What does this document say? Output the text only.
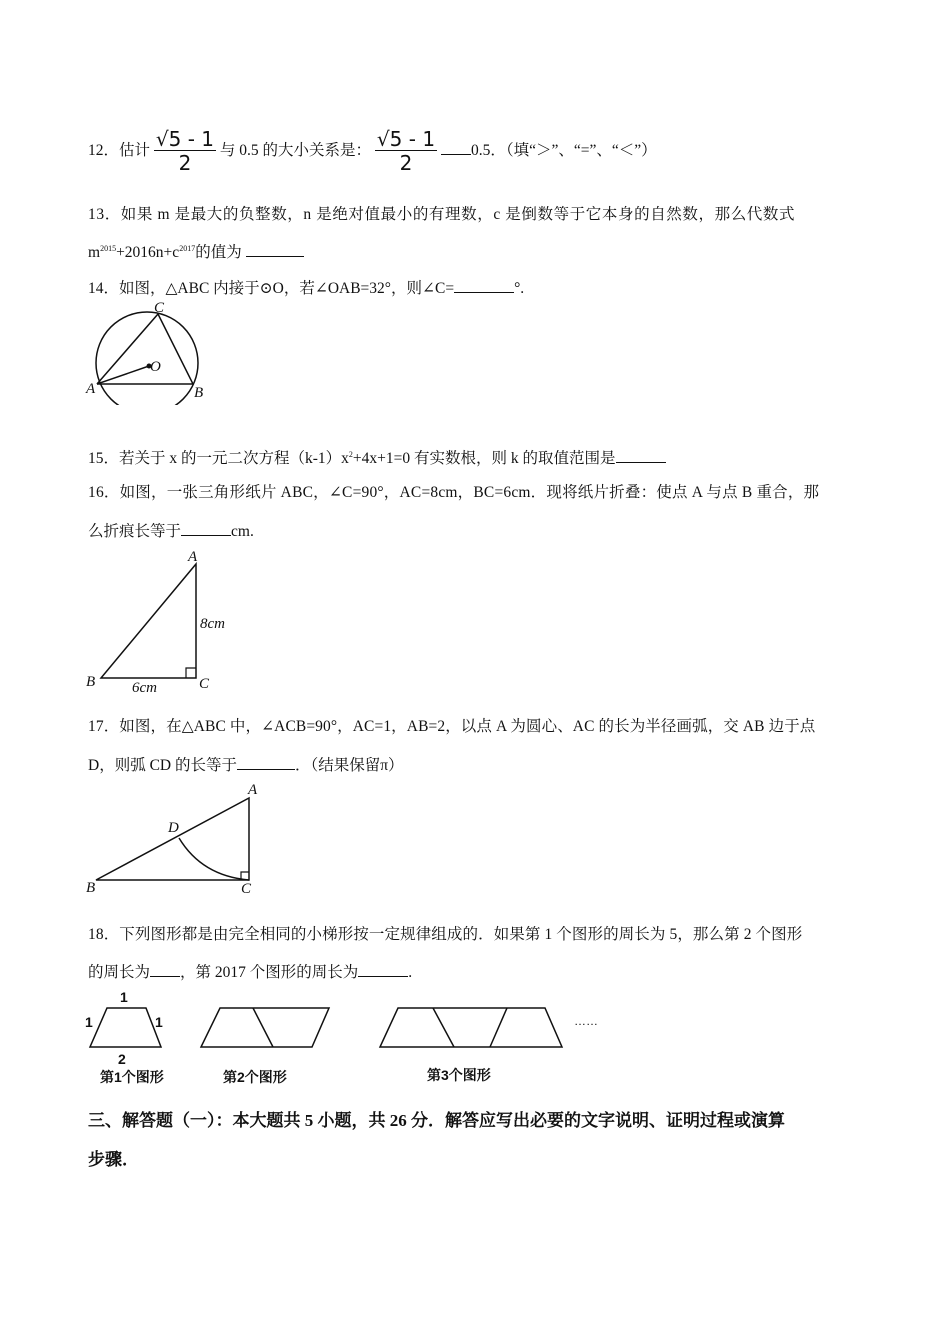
12．估计 $\frac{√5 - 1}{2}$ 与 0.5 的大小关系是： $\frac{√5 - 1}{2} 0.5$．（填“＞”、“=”、“＜”）
13．如果 m 是最大的负整数，n 是绝对值最小的有理数，c 是倒数等于它本身的自然数，那么代数式
$m^{2015}+2016n+c^{2017}$的值为
14．如图，△ABC 内接于⊙O，若∠OAB=32°，则∠C=	°.
C
O
A	B
15．若关于 x 的一元二次方程$(k-1)x^2+4x+1=0$ 有实数根，则 k 的取值范围是
16．如图，一张三角形纸片 ABC，∠C=90°，AC=8cm，BC=6cm．现将纸片折叠：使点 A 与点 B 重合，那
么折痕长等于	cm.
A
8cm
B	C
6cm
17．如图，在△ABC 中，∠ACB=90°，AC=1，AB=2，以点 A 为圆心、AC 的长为半径画弧，交 AB 边于点
D，则弧 CD 的长等于	．（结果保留π）
A
D
B	C
18．下列图形都是由完全相同的小梯形按一定规律组成的．如果第 1 个图形的周长为 5，那么第 2 个图形
的周长为 ，第 2017 个图形的周长为	.
1
1	1
2
第1个图形	第2个图形	第3个图形
……
三、解答题（一）：本大题共 5 小题，共 26 分．解答应写出必要的文字说明、证明过程或演算
步骤．
